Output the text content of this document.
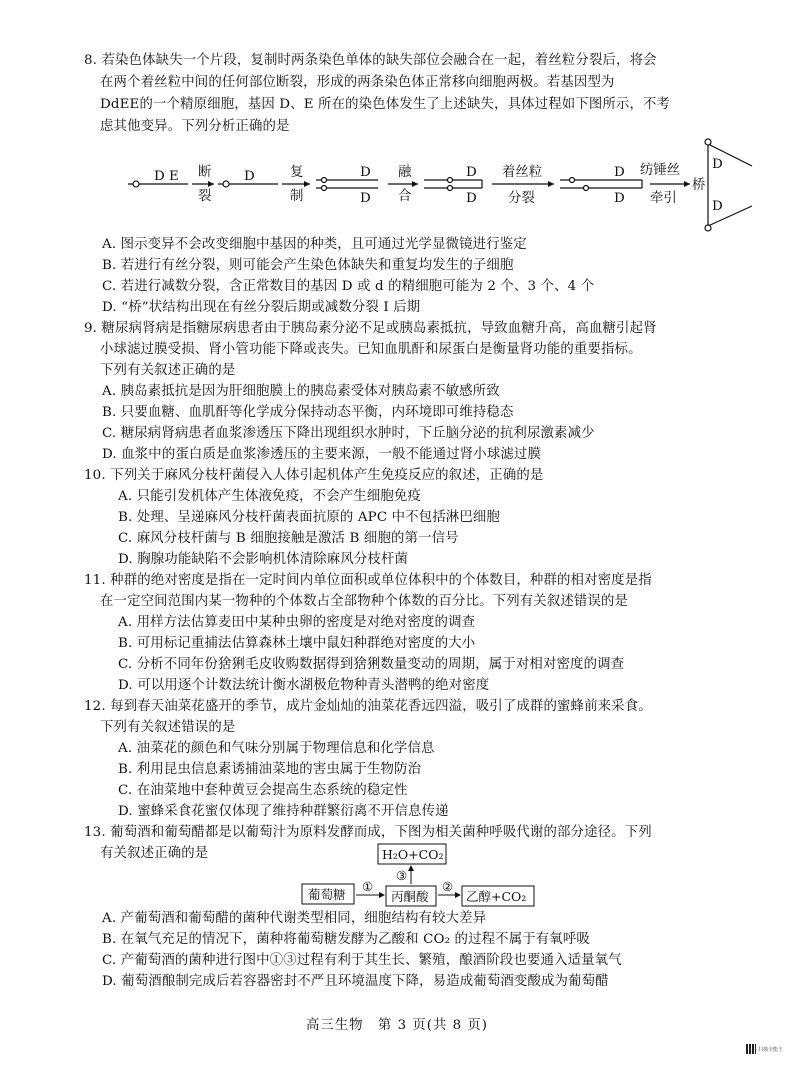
8. 若染色体缺失一个片段，复制时两条染色单体的缺失部位会融合在一起，着丝粒分裂后，将会
在两个着丝粒中间的任何部位断裂，形成的两条染色体正常移向细胞两极。若基因型为
DdEE的一个精原细胞，基因 D、E 所在的染色体发生了上述缺失，具体过程如下图所示，不考
虑其他变异。下列分析正确的是
D E 断
裂
D	复
制
D
D
融
合
D
D
着丝粒
分裂
D
D
纺锤丝
牵引
桥
D
D
A. 图示变异不会改变细胞中基因的种类，且可通过光学显微镜进行鉴定
B. 若进行有丝分裂，则可能会产生染色体缺失和重复均发生的子细胞
C. 若进行减数分裂，含正常数目的基因 D 或 d 的精细胞可能为 2 个、3 个、4 个
D. “桥”状结构出现在有丝分裂后期或减数分裂 Ⅰ 后期
9. 糖尿病肾病是指糖尿病患者由于胰岛素分泌不足或胰岛素抵抗，导致血糖升高，高血糖引起肾
小球滤过膜受损、肾小管功能下降或丧失。已知血肌酐和尿蛋白是衡量肾功能的重要指标。
下列有关叙述正确的是
A. 胰岛素抵抗是因为肝细胞膜上的胰岛素受体对胰岛素不敏感所致
B. 只要血糖、血肌酐等化学成分保持动态平衡，内环境即可维持稳态
C. 糖尿病肾病患者血浆渗透压下降出现组织水肿时，下丘脑分泌的抗利尿激素减少
D. 血浆中的蛋白质是血浆渗透压的主要来源，一般不能通过肾小球滤过膜
10. 下列关于麻风分枝杆菌侵入人体引起机体产生免疫反应的叙述，正确的是
A. 只能引发机体产生体液免疫，不会产生细胞免疫
B. 处理、呈递麻风分枝杆菌表面抗原的 APC 中不包括淋巴细胞
C. 麻风分枝杆菌与 B 细胞接触是激活 B 细胞的第一信号
D. 胸腺功能缺陷不会影响机体清除麻风分枝杆菌
11. 种群的绝对密度是指在一定时间内单位面积或单位体积中的个体数目，种群的相对密度是指
在一定空间范围内某一物种的个体数占全部物种个体数的百分比。下列有关叙述错误的是
A. 用样方法估算麦田中某种虫卵的密度是对绝对密度的调查
B. 可用标记重捕法估算森林土壤中鼠妇种群绝对密度的大小
C. 分析不同年份猞猁毛皮收购数据得到猞猁数量变动的周期，属于对相对密度的调查
D. 可以用逐个计数法统计衡水湖极危物种青头潜鸭的绝对密度
12. 每到春天油菜花盛开的季节，成片金灿灿的油菜花香远四溢，吸引了成群的蜜蜂前来采食。
下列有关叙述错误的是
A. 油菜花的颜色和气味分别属于物理信息和化学信息
B. 利用昆虫信息素诱捕油菜地的害虫属于生物防治
C. 在油菜地中套种黄豆会提高生态系统的稳定性
D. 蜜蜂采食花蜜仅体现了维持种群繁衍离不开信息传递
13. 葡萄酒和葡萄醋都是以葡萄汁为原料发酵而成，下图为相关菌种呼吸代谢的部分途径。下列
有关叙述正确的是	H₂O+CO₂
③
葡萄糖
①
丙酮酸
②
乙醇+CO₂
A. 产葡萄酒和葡萄醋的菌种代谢类型相同，细胞结构有较大差异
B. 在氧气充足的情况下，菌种将葡萄糖发酵为乙酸和 CO₂ 的过程不属于有氧呼吸
C. 产葡萄酒的菌种进行图中①③过程有利于其生长、繁殖，酿酒阶段也要通入适量氧气
D. 葡萄酒酿制完成后若容器密封不严且环境温度下降，易造成葡萄酒变酸成为葡萄醋
高三生物　第 3 页(共 8 页)
扫描全能王
